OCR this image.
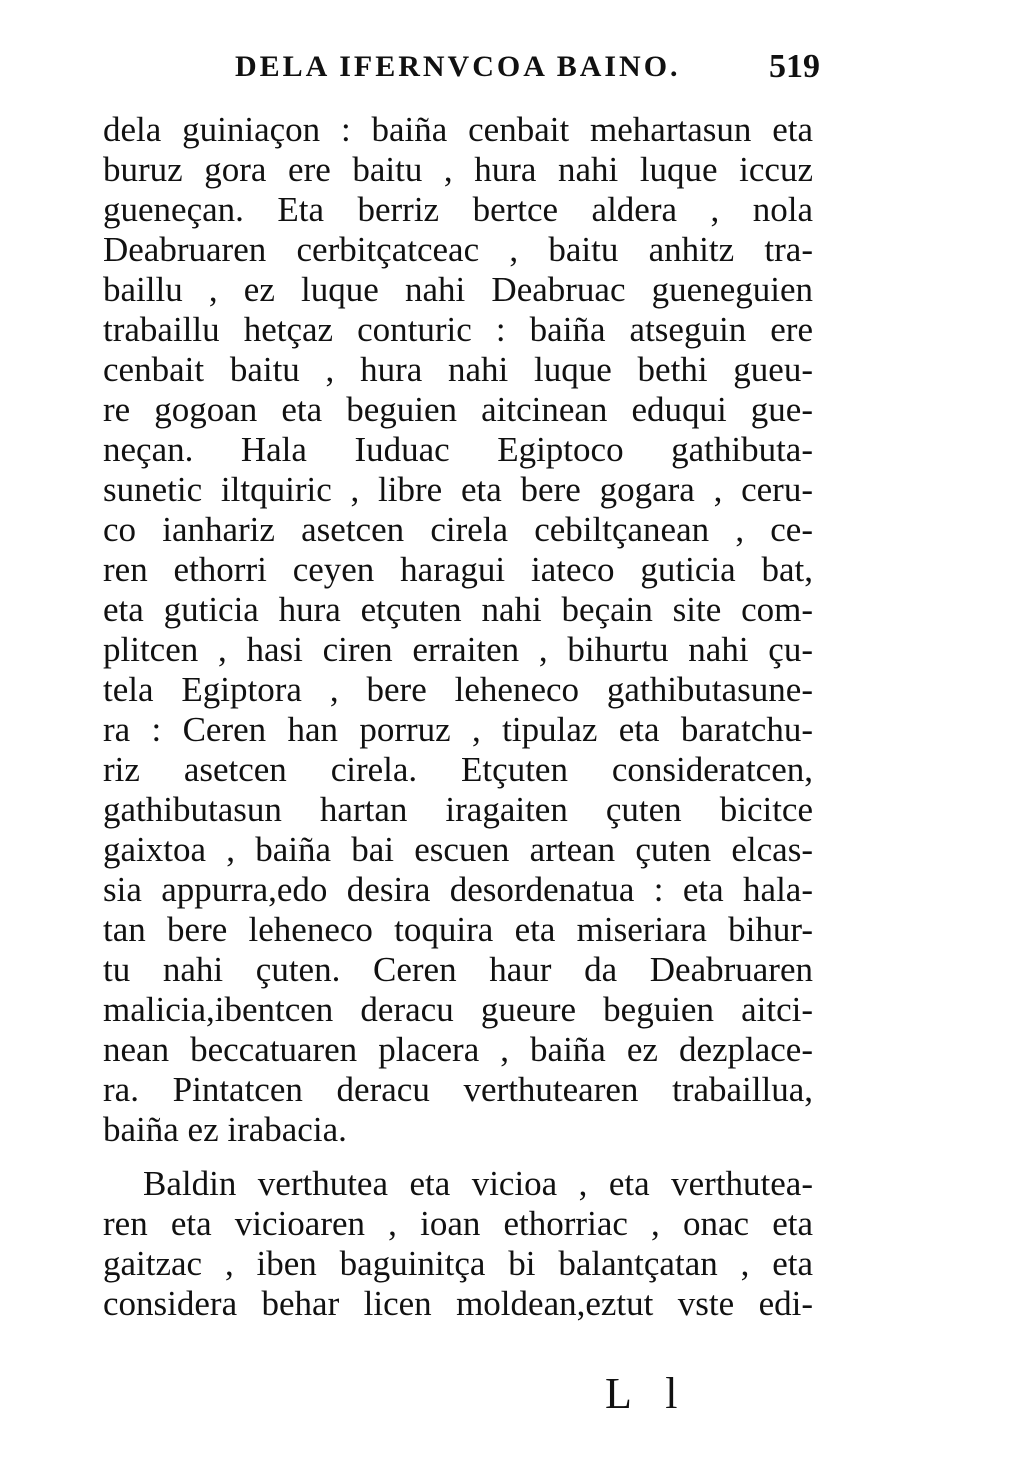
DELA IFERNVCOA BAINO.	519
dela guiniaçon : baiña cenbait mehartasun eta
buruz gora ere baitu , hura nahi luque iccuz
gueneçan. Eta berriz bertce aldera , nola
Deabruaren cerbitçatceac , baitu anhitz tra-
baillu , ez luque nahi Deabruac gueneguien
trabaillu hetçaz conturic : baiña atseguin ere
cenbait baitu , hura nahi luque bethi gueu-
re gogoan eta beguien aitcinean eduqui gue-
neçan. Hala Iuduac Egiptoco gathibuta-
sunetic iltquiric , libre eta bere gogara , ceru-
co ianhariz asetcen cirela cebiltçanean , ce-
ren ethorri ceyen haragui iateco guticia bat,
eta guticia hura etçuten nahi beçain site com-
plitcen , hasi ciren erraiten , bihurtu nahi çu-
tela Egiptora , bere leheneco gathibutasune-
ra : Ceren han porruz , tipulaz eta baratchu-
riz asetcen cirela. Etçuten consideratcen,
gathibutasun hartan iragaiten çuten bicitce
gaixtoa , baiña bai escuen artean çuten elcas-
sia appurra,edo desira desordenatua : eta hala-
tan bere leheneco toquira eta miseriara bihur-
tu nahi çuten. Ceren haur da Deabruaren
malicia,ibentcen deracu gueure beguien aitci-
nean beccatuaren placera , baiña ez dezplace-
ra. Pintatcen deracu verthutearen trabaillua,
baiña ez irabacia.
Baldin verthutea eta vicioa , eta verthutea-
ren eta vicioaren , ioan ethorriac , onac eta
gaitzac , iben baguinitça bi balantçatan , eta
considera behar licen moldean,eztut vste edi-
L l
